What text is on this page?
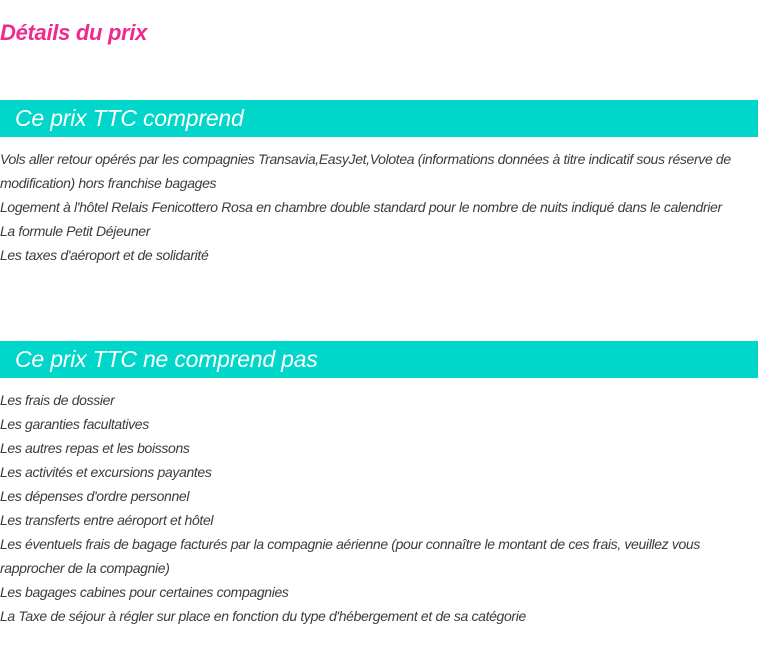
Détails du prix
Ce prix TTC comprend
Vols aller retour opérés par les compagnies Transavia,EasyJet,Volotea (informations données à titre indicatif sous réserve de modification) hors franchise bagages
Logement à l'hôtel Relais Fenicottero Rosa en chambre double standard pour le nombre de nuits indiqué dans le calendrier
La formule Petit Déjeuner
Les taxes d'aéroport et de solidarité
Ce prix TTC ne comprend pas
Les frais de dossier
Les garanties facultatives
Les autres repas et les boissons
Les activités et excursions payantes
Les dépenses d'ordre personnel
Les transferts entre aéroport et hôtel
Les éventuels frais de bagage facturés par la compagnie aérienne (pour connaître le montant de ces frais, veuillez vous rapprocher de la compagnie)
Les bagages cabines pour certaines compagnies
La Taxe de séjour à régler sur place en fonction du type d'hébergement et de sa catégorie
